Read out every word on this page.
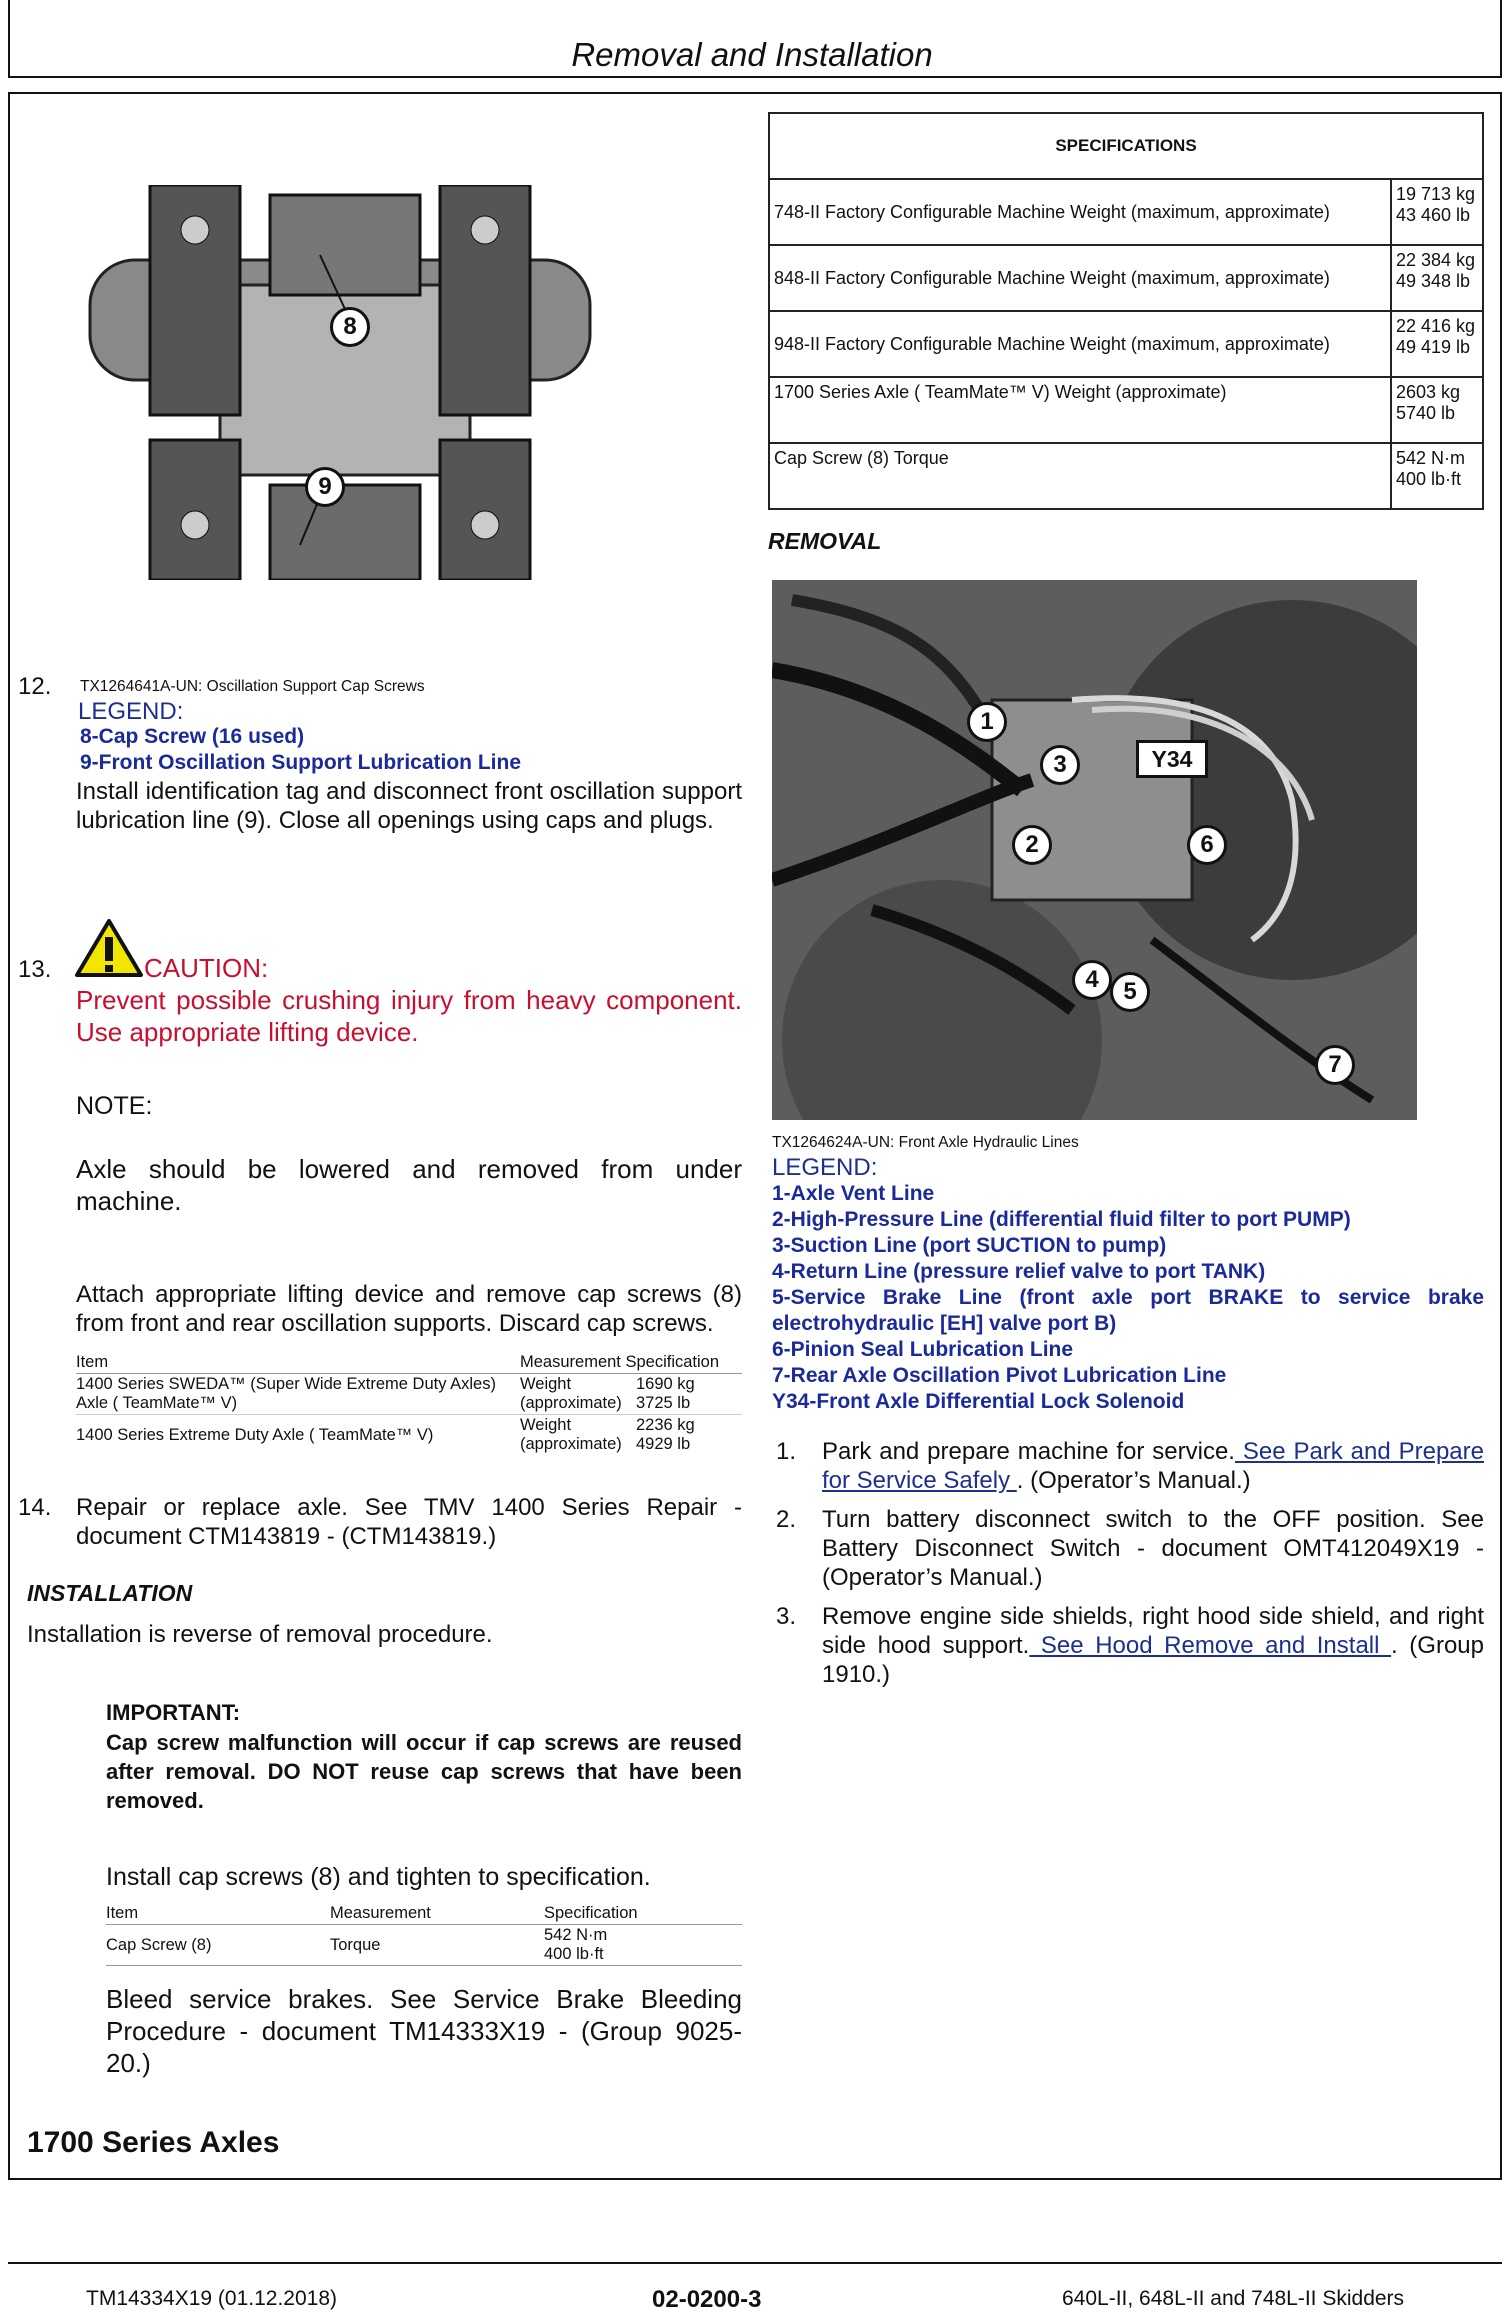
Removal and Installation
8
9
SPECIFICATIONS	
748-II Factory Configurable Machine Weight (maximum, approximate)	19 713 kg
43 460 lb

848-II Factory Configurable Machine Weight (maximum, approximate)	22 384 kg
49 348 lb

948-II Factory Configurable Machine Weight (maximum, approximate)	22 416 kg
49 419 lb

1700 Series Axle ( TeamMate™ V) Weight (approximate)	2603 kg
5740 lb

Cap Screw (8) Torque	542 N·m
400 lb·ft
REMOVAL
1
2
3
4	5
6
7
Y34
12. TX1264641A-UN: Oscillation Support Cap Screws
LEGEND:
8-Cap Screw (16 used)
9-Front Oscillation Support Lubrication Line
Install identification tag and disconnect front oscillation support lubrication line (9). Close all openings using caps and plugs.
13.	CAUTION:
Prevent possible crushing injury from heavy component. Use appropriate lifting device.
NOTE:
Axle should be lowered and removed from under machine.
Attach appropriate lifting device and remove cap screws (8) from front and rear oscillation supports. Discard cap screws.
Item	Measurement Specification	
1400 Series SWEDA™ (Super Wide Extreme Duty Axles) Axle ( TeamMate™ V)	Weight (approximate)	1690 kg
3725 lb

1400 Series Extreme Duty Axle ( TeamMate™ V)	Weight (approximate)	2236 kg
4929 lb
14. Repair or replace axle. See TMV 1400 Series Repair - document CTM143819 - (CTM143819.)
INSTALLATION
Installation is reverse of removal procedure.
IMPORTANT:
Cap screw malfunction will occur if cap screws are reused after removal. DO NOT reuse cap screws that have been removed.
Install cap screws (8) and tighten to specification.
Item	Measurement	Specification
Cap Screw (8)	Torque	542 N·m
400 lb·ft
Bleed service brakes. See Service Brake Bleeding Procedure - document TM14333X19 - (Group 9025-20.)
1700 Series Axles
TX1264624A-UN: Front Axle Hydraulic Lines
LEGEND:
1-Axle Vent Line
2-High-Pressure Line (differential fluid filter to port PUMP)
3-Suction Line (port SUCTION to pump)
4-Return Line (pressure relief valve to port TANK)
5-Service Brake Line (front axle port BRAKE to service brake electrohydraulic [EH] valve port B)
6-Pinion Seal Lubrication Line
7-Rear Axle Oscillation Pivot Lubrication Line
Y34-Front Axle Differential Lock Solenoid
1.	Park and prepare machine for service. See Park and Prepare for Service Safely . (Operator’s Manual.)
2.	Turn battery disconnect switch to the OFF position. See Battery Disconnect Switch - document OMT412049X19 - (Operator’s Manual.)
3.	Remove engine side shields, right hood side shield, and right side hood support. See Hood Remove and Install . (Group 1910.)
TM14334X19 (01.12.2018)	02-0200-3	640L-II, 648L-II and 748L-II Skidders
